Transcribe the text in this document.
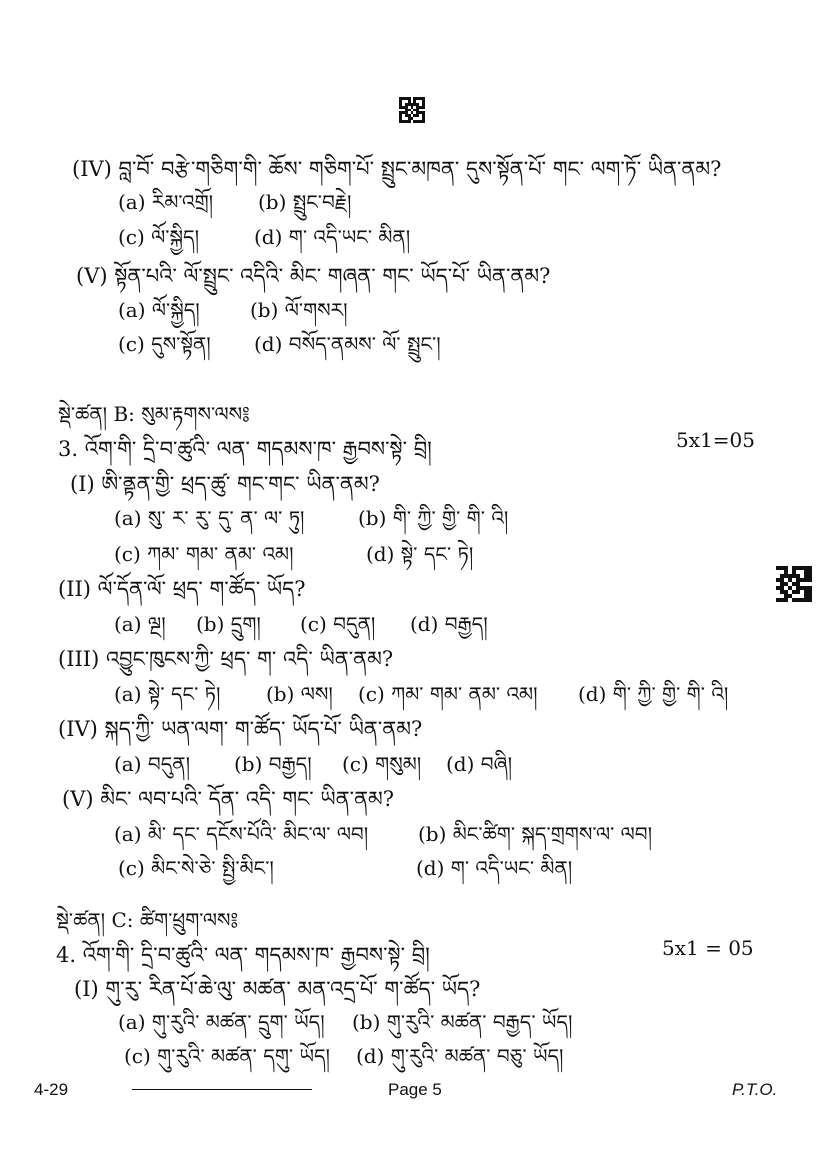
(IV) བླ་བོ་ བརྩེ་གཅིག་གི་ ཆོས་ གཅིག་པོ་ སྤྲུང་མཁན་ དུས་སྟོན་པོ་ གང་ ལག་ཏོ་ ཡིན་ནམ?
(a) རིམ་འགྲོ། (b) སྤྲུང་བརྗེ།
(c) ལོ་སྐྱིད།	(d) ག་ འདི་ཡང་ མིན།
(V) སྟོན་པའི་ ལོ་སྤྲུང་ འདིའི་ མིང་ གཞན་ གང་ ཡོད་པོ་ ཡིན་ནམ?
(a) ལོ་སྐྱིད།	(b) ལོ་གསར།
(c) དུས་སྟོན། (d) བསོད་ནམས་ ལོ་ སྤྲུང་།
སྡེ་ཚན། B: སུམ་རྟགས་ལས༔
3. འོག་གི་ དྲི་བ་ཚུའི་ ལན་ གདམས་ཁ་ རྒྱབས་སྟེ་ བྲི།	5x1=05
(I) ཨི་ནྟན་གྱི་ ཕྲད་ཚུ་ གང་གང་ ཡིན་ནམ?
(a) སུ་ ར་ རུ་ དུ་ ན་ ལ་ ཏུ།	(b) གི་ ཀྱི་ གྱི་ གི་ འི།
(c) ཀམ་ གམ་ ནམ་ འམ།	(d) སྟེ་ དང་ ཏེ།
(II) ལོ་དོན་ལོ་ ཕྲད་ ག་ཚོད་ ཡོད?
(a) ལྔ། (b) དྲུག། (c) བདུན། (d) བརྒྱད།
(III) འབྱུང་ཁུངས་ཀྱི་ ཕྲད་ ག་ འདི་ ཡིན་ནམ?
(a) སྟེ་ དང་ ཏེ། (b) ལས། (c) ཀམ་ གམ་ ནམ་ འམ། (d) གི་ ཀྱི་ གྱི་ གི་ འི།
(IV) སྐད་ཀྱི་ ཡན་ལག་ ག་ཚོད་ ཡོད་པོ་ ཡིན་ནམ?
(a) བདུན། (b) བརྒྱད། (c) གསུམ། (d) བཞི།
(V) མིང་ ལབ་པའི་ དོན་ འདི་ གང་ ཡིན་ནམ?
(a) མི་ དང་ དངོས་པོའི་ མིང་ལ་ ལབ། (b) མིང་ཚིག་ སྐད་གྲགས་ལ་ ལབ།
(c) མིང་སེ་ཅེ་ སྤྱི་མིང་།	(d) ག་ འདི་ཡང་ མིན།
སྡེ་ཚན། C: ཚིག་ཕྲུག་ལས༔
4. འོག་གི་ དྲི་བ་ཚུའི་ ལན་ གདམས་ཁ་ རྒྱབས་སྟེ་ བྲི།	5x1 = 05
(I) གུ་རུ་ རིན་པོ་ཆེ་ལུ་ མཚན་ མན་འདྲ་པོ་ ག་ཚོད་ ཡོད?
(a) གུ་རུའི་ མཚན་ དྲུག་ ཡོད། (b) གུ་རུའི་ མཚན་ བརྒྱད་ ཡོད།
(c) གུ་རུའི་ མཚན་ དགུ་ ཡོད། (d) གུ་རུའི་ མཚན་ བཅུ་ ཡོད།
4-29	Page 5	P.T.O.
